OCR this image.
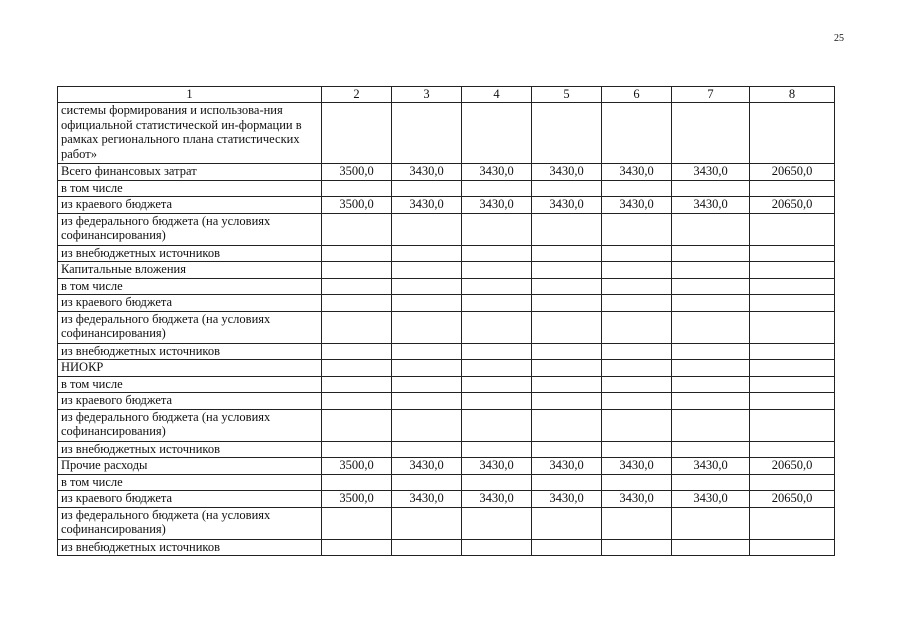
25
1	2	3	4	5	6	7	8
системы формирования и использова-ния официальной статистической ин-формации в рамках регионального плана статистических работ»							
Всего финансовых затрат	3500,0	3430,0	3430,0	3430,0	3430,0	3430,0	20650,0
в том числе							
из краевого бюджета	3500,0	3430,0	3430,0	3430,0	3430,0	3430,0	20650,0
из федерального бюджета (на условиях софинансирования)							
из внебюджетных источников							
Капитальные вложения							
в том числе							
из краевого бюджета							
из федерального бюджета (на условиях софинансирования)							
из внебюджетных источников							
НИОКР							
в том числе							
из краевого бюджета							
из федерального бюджета (на условиях софинансирования)							
из внебюджетных источников							
Прочие расходы	3500,0	3430,0	3430,0	3430,0	3430,0	3430,0	20650,0
в том числе							
из краевого бюджета	3500,0	3430,0	3430,0	3430,0	3430,0	3430,0	20650,0
из федерального бюджета (на условиях софинансирования)							
из внебюджетных источников							
